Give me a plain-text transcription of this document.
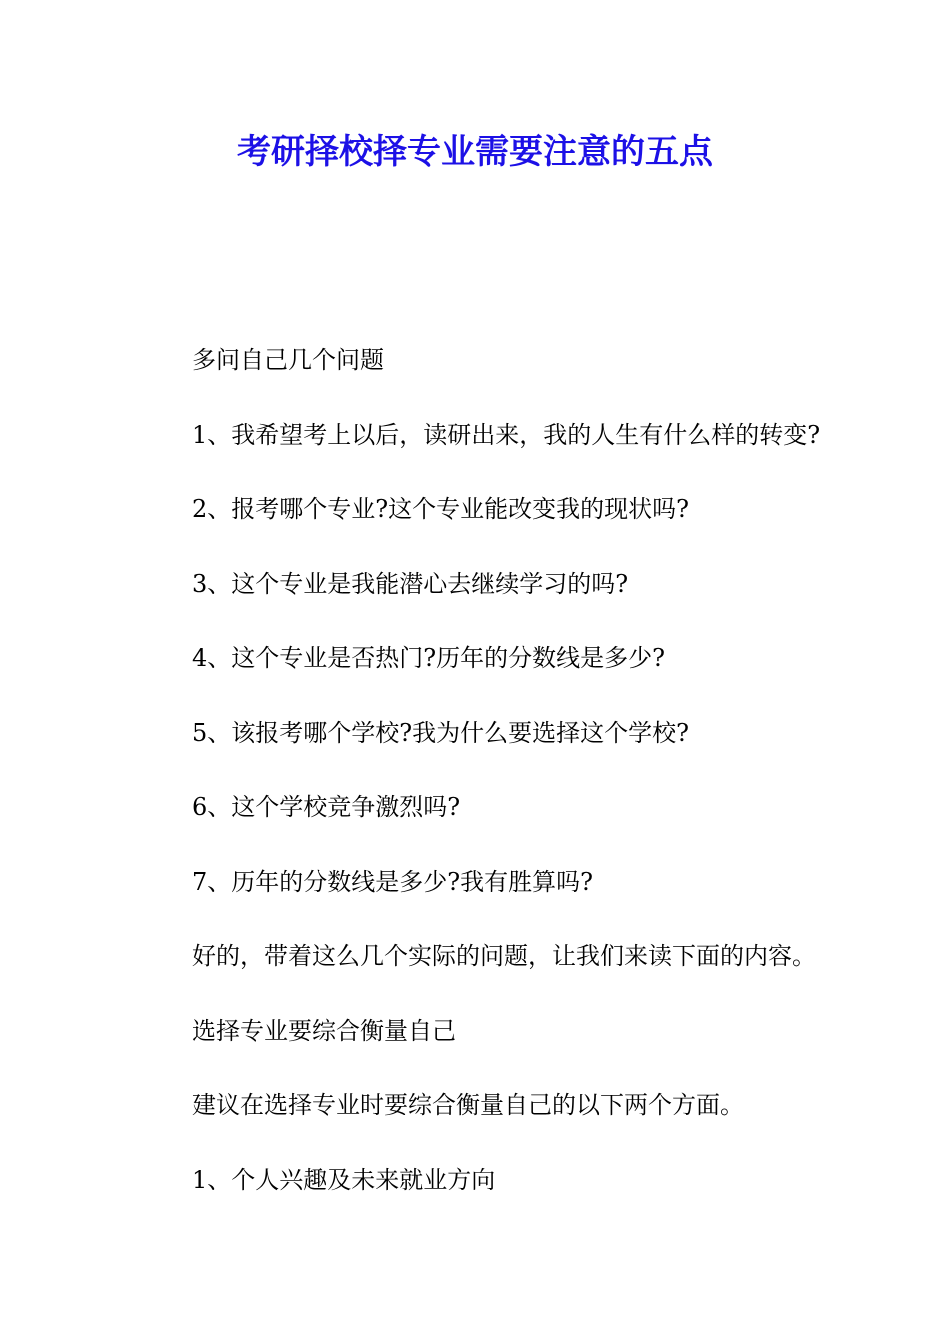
考研择校择专业需要注意的五点

多问自己几个问题

1、我希望考上以后，读研出来，我的人生有什么样的转变?

2、报考哪个专业?这个专业能改变我的现状吗?

3、这个专业是我能潜心去继续学习的吗?

4、这个专业是否热门?历年的分数线是多少?

5、该报考哪个学校?我为什么要选择这个学校?

6、这个学校竞争激烈吗?

7、历年的分数线是多少?我有胜算吗?

好的，带着这么几个实际的问题，让我们来读下面的内容。

选择专业要综合衡量自己

建议在选择专业时要综合衡量自己的以下两个方面。

1、个人兴趣及未来就业方向
